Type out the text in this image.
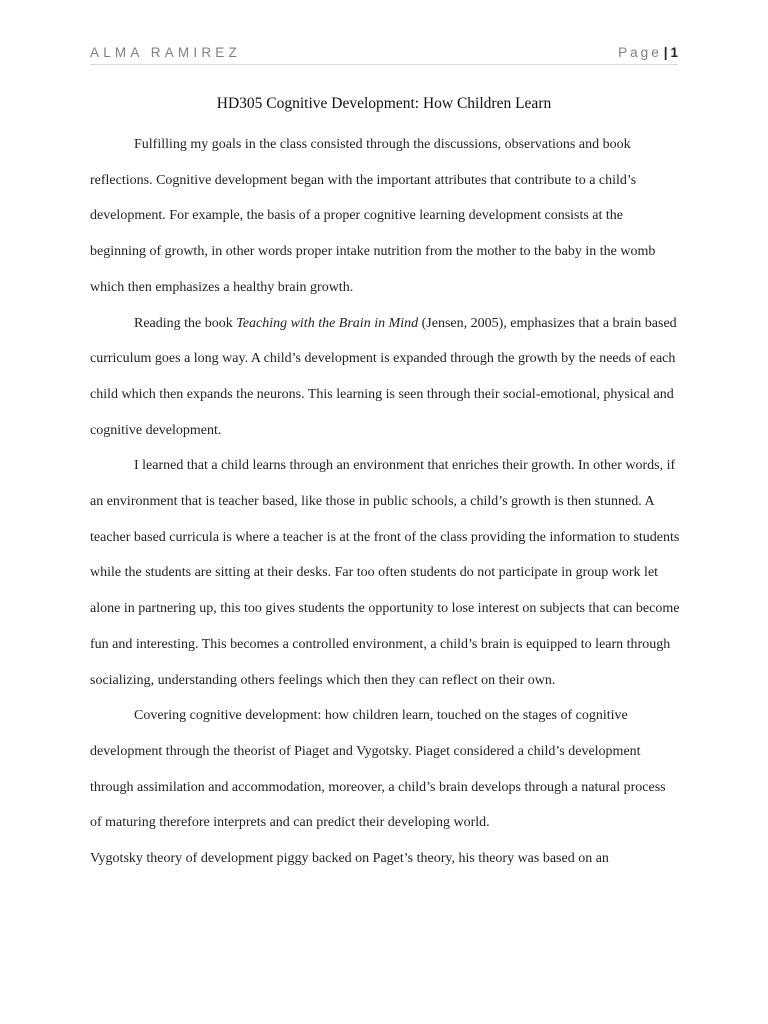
ALMA RAMIREZ	Page | 1
HD305 Cognitive Development: How Children Learn

Fulfilling my goals in the class consisted through the discussions, observations and book reflections. Cognitive development began with the important attributes that contribute to a child’s development. For example, the basis of a proper cognitive learning development consists at the beginning of growth, in other words proper intake nutrition from the mother to the baby in the womb which then emphasizes a healthy brain growth.

Reading the book Teaching with the Brain in Mind (Jensen, 2005), emphasizes that a brain based curriculum goes a long way. A child’s development is expanded through the growth by the needs of each child which then expands the neurons. This learning is seen through their social-emotional, physical and cognitive development.

I learned that a child learns through an environment that enriches their growth. In other words, if an environment that is teacher based, like those in public schools, a child’s growth is then stunned. A teacher based curricula is where a teacher is at the front of the class providing the information to students while the students are sitting at their desks. Far too often students do not participate in group work let alone in partnering up, this too gives students the opportunity to lose interest on subjects that can become fun and interesting. This becomes a controlled environment, a child’s brain is equipped to learn through socializing, understanding others feelings which then they can reflect on their own.

Covering cognitive development: how children learn, touched on the stages of cognitive development through the theorist of Piaget and Vygotsky. Piaget considered a child’s development through assimilation and accommodation, moreover, a child’s brain develops through a natural process of maturing therefore interprets and can predict their developing world.

Vygotsky theory of development piggy backed on Paget’s theory, his theory was based on an
